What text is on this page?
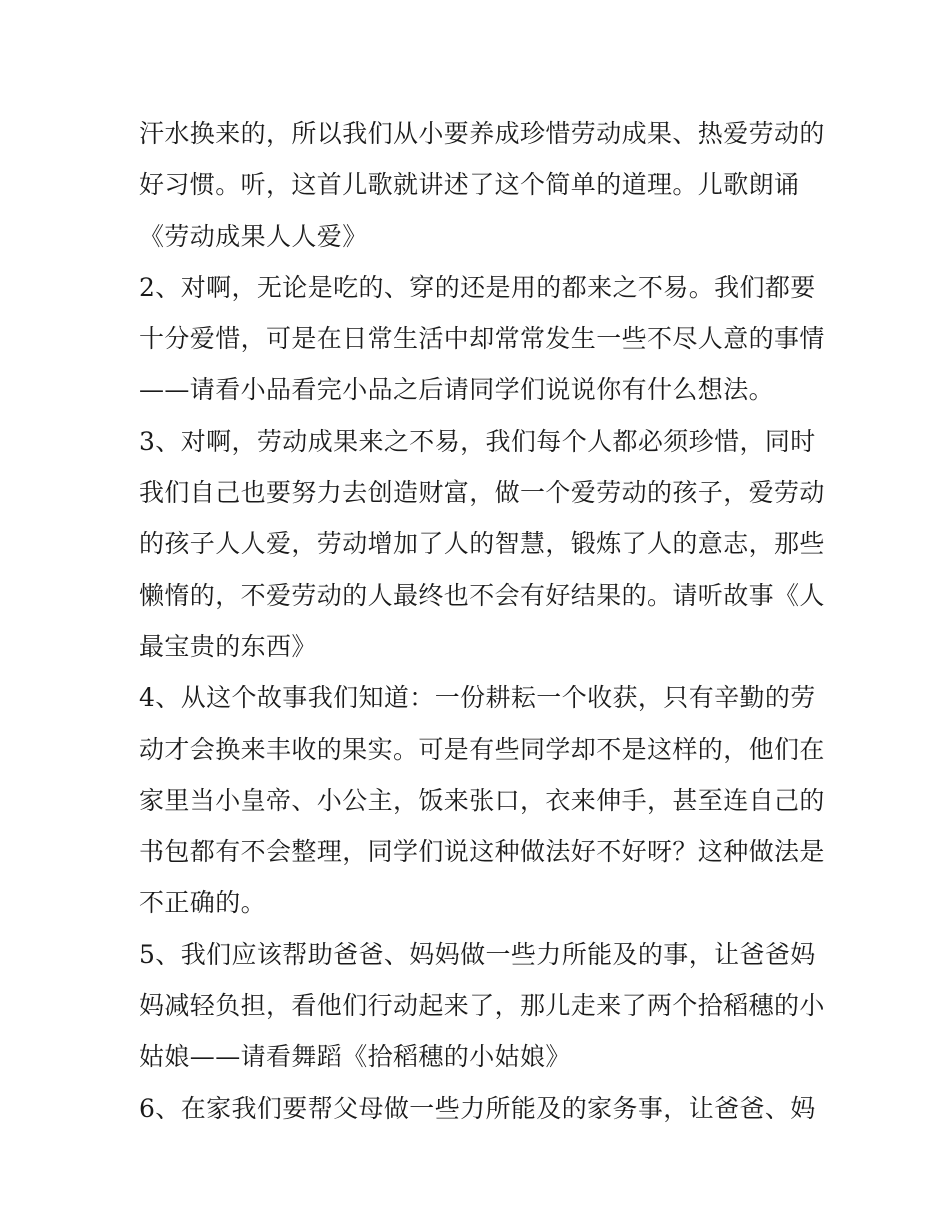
汗水换来的，所以我们从小要养成珍惜劳动成果、热爱劳动的
好习惯。听，这首儿歌就讲述了这个简单的道理。儿歌朗诵
《劳动成果人人爱》
2、对啊，无论是吃的、穿的还是用的都来之不易。我们都要
十分爱惜，可是在日常生活中却常常发生一些不尽人意的事情
——请看小品看完小品之后请同学们说说你有什么想法。
3、对啊，劳动成果来之不易，我们每个人都必须珍惜，同时
我们自己也要努力去创造财富，做一个爱劳动的孩子，爱劳动
的孩子人人爱，劳动增加了人的智慧，锻炼了人的意志，那些
懒惰的，不爱劳动的人最终也不会有好结果的。请听故事《人
最宝贵的东西》
4、从这个故事我们知道：一份耕耘一个收获，只有辛勤的劳
动才会换来丰收的果实。可是有些同学却不是这样的，他们在
家里当小皇帝、小公主，饭来张口，衣来伸手，甚至连自己的
书包都有不会整理，同学们说这种做法好不好呀？这种做法是
不正确的。
5、我们应该帮助爸爸、妈妈做一些力所能及的事，让爸爸妈
妈减轻负担，看他们行动起来了，那儿走来了两个拾稻穗的小
姑娘——请看舞蹈《拾稻穗的小姑娘》
6、在家我们要帮父母做一些力所能及的家务事，让爸爸、妈
